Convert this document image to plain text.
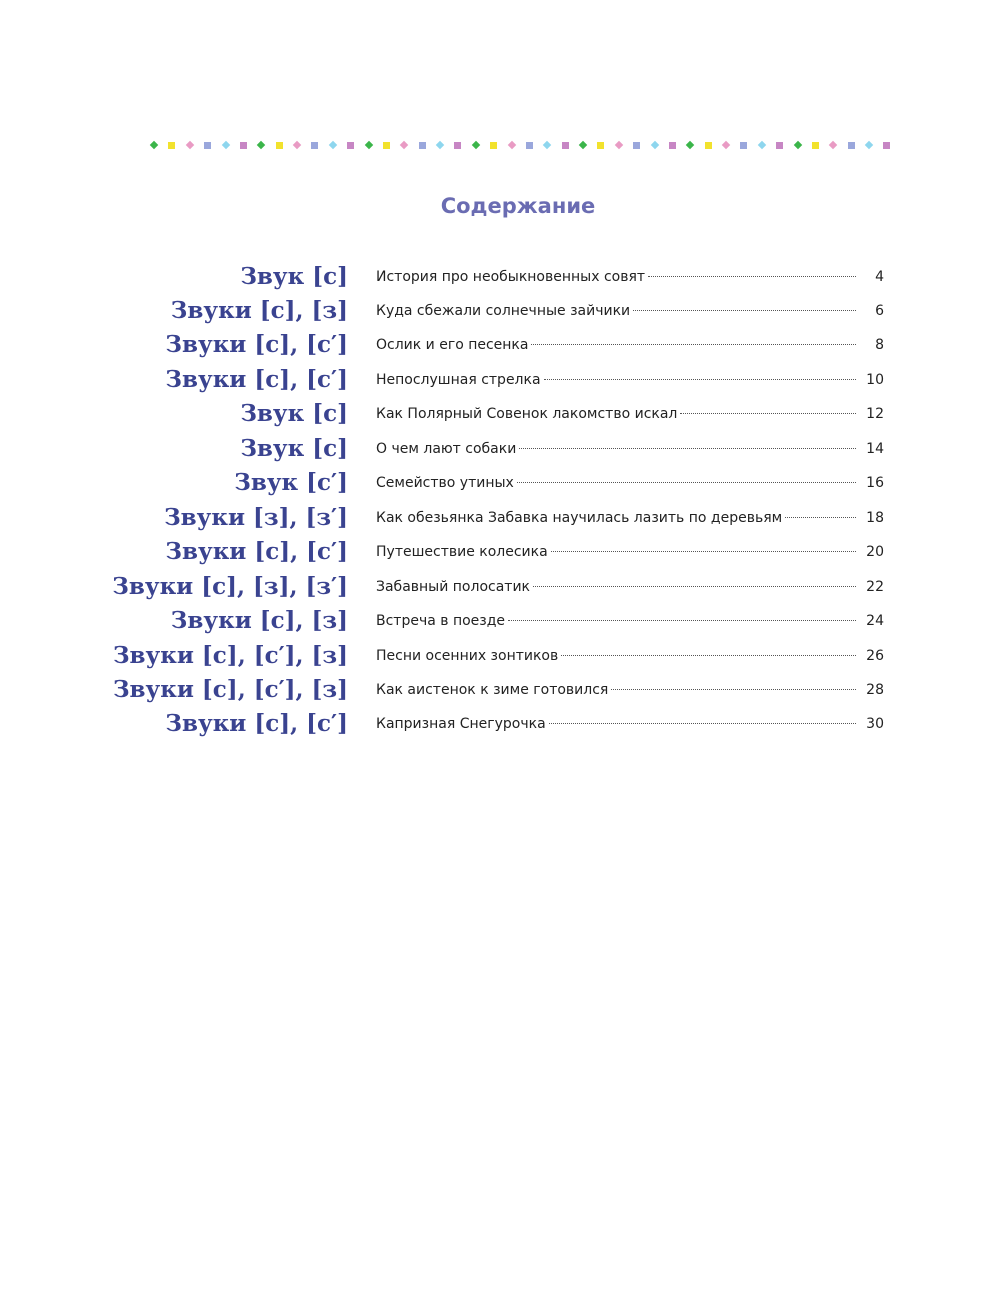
Содержание
Звук [с] История про необыкновенных совят	4
Звуки [с], [з] Куда сбежали солнечные зайчики	6
Звуки [с], [с′] Ослик и его песенка	8
Звуки [с], [с′] Непослушная стрелка	10
Звук [с] Как Полярный Совенок лакомство искал	12
Звук [с] О чем лают собаки	14
Звук [с′] Семейство утиных	16
Звуки [з], [з′] Как обезьянка Забавка научилась лазить по деревьям	18
Звуки [с], [с′] Путешествие колесика	20
Звуки [с], [з], [з′] Забавный полосатик	22
Звуки [с], [з] Встреча в поезде	24
Звуки [с], [с′], [з] Песни осенних зонтиков	26
Звуки [с], [с′], [з] Как аистенок к зиме готовился	28
Звуки [с], [с′] Капризная Снегурочка	30
